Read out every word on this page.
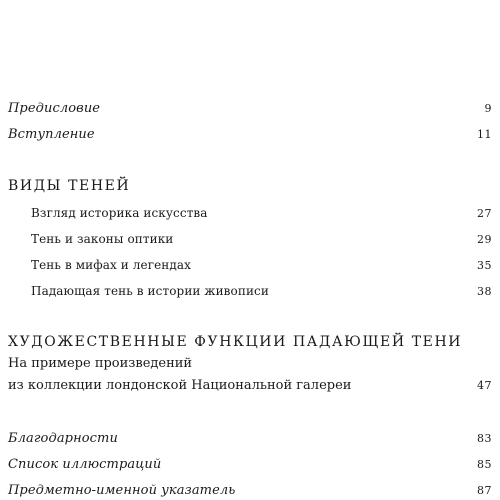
Предисловие	9
Вступление	11
ВИДЫ ТЕНЕЙ
Взгляд историка искусства	27
Тень и законы оптики	29
Тень в мифах и легендах	35
Падающая тень в истории живописи	38
ХУДОЖЕСТВЕННЫЕ ФУНКЦИИ ПАДАЮЩЕЙ ТЕНИ
На примере произведений
из коллекции лондонской Национальной галереи	47
Благодарности	83
Список иллюстраций	85
Предметно-именной указатель	87
